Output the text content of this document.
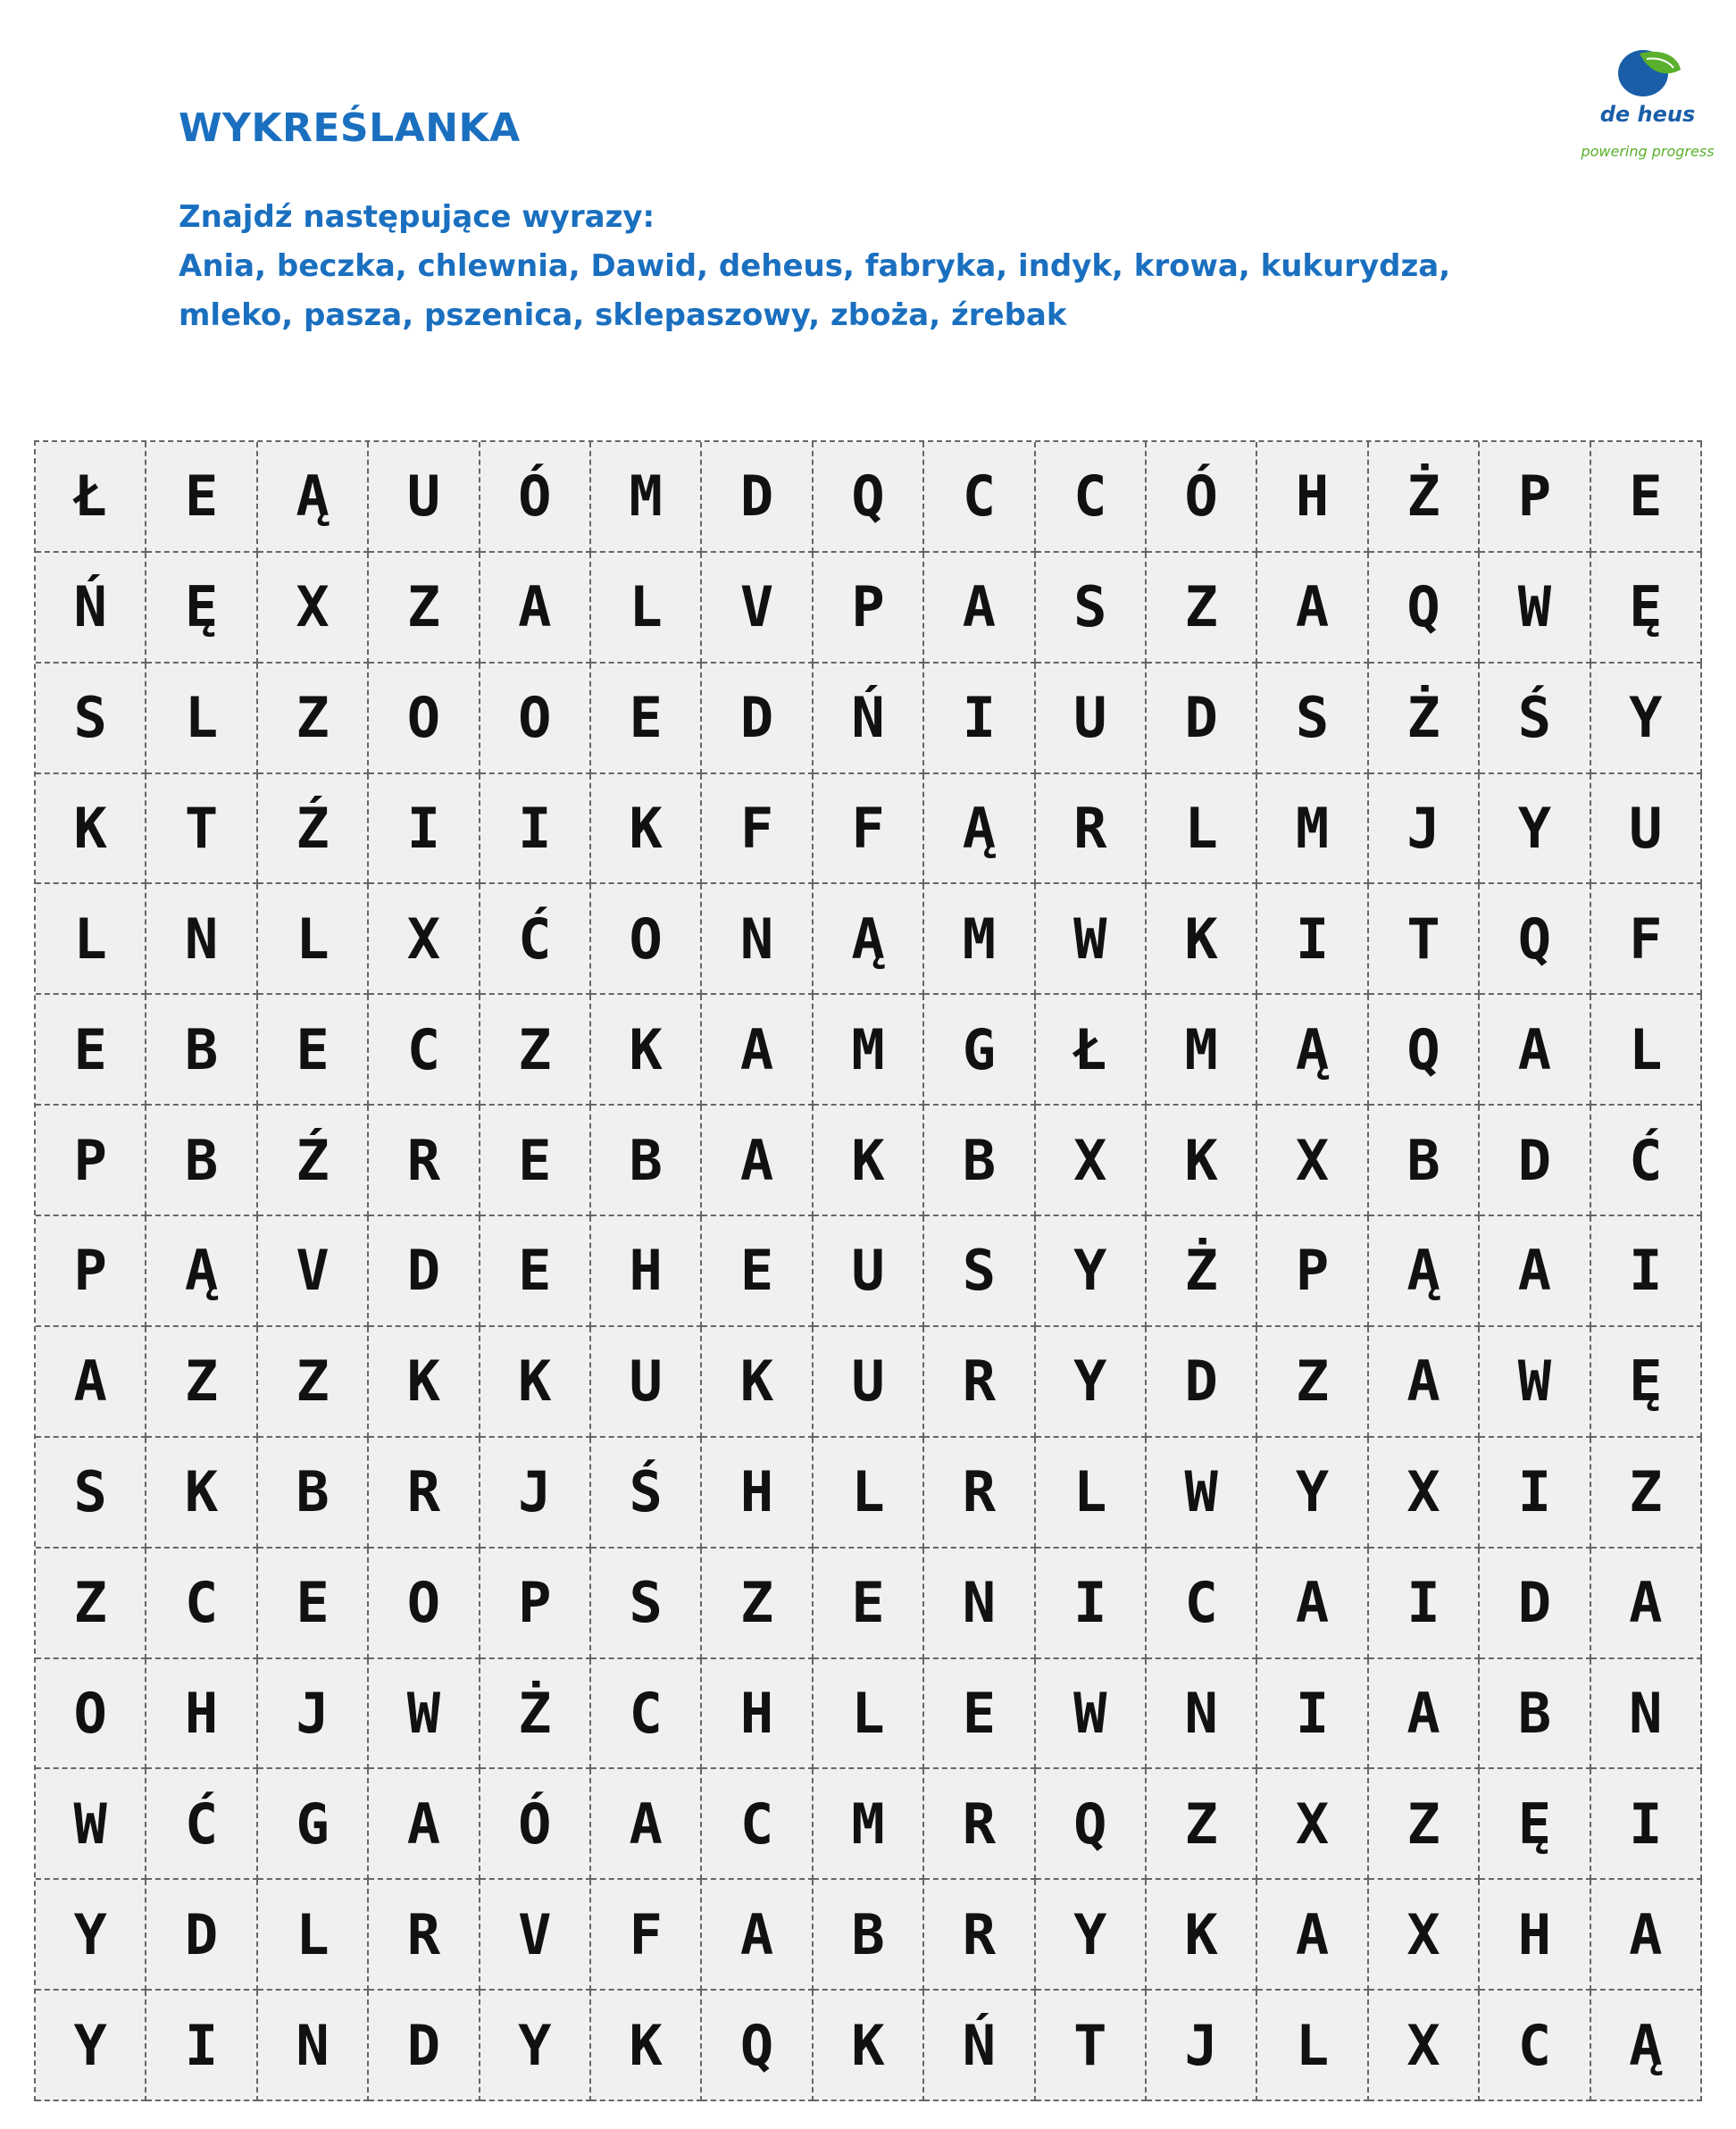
WYKREŚLANKA
Znajdź następujące wyrazy:
Ania, beczka, chlewnia, Dawid, deheus, fabryka, indyk, krowa, kukurydza,
mleko, pasza, pszenica, sklepaszowy, zboża, źrebak
de heus
powering progress
Ł	E	Ą	U	Ó	M	D	Q	C	C	Ó	H	Ż	P	E
Ń	Ę	X	Z	A	L	V	P	A	S	Z	A	Q	W	Ę
S	L	Z	O	O	E	D	Ń	I	U	D	S	Ż	Ś	Y
K	T	Ź	I	I	K	F	F	Ą	R	L	M	J	Y	U
L	N	L	X	Ć	O	N	Ą	M	W	K	I	T	Q	F
E	B	E	C	Z	K	A	M	G	Ł	M	Ą	Q	A	L
P	B	Ź	R	E	B	A	K	B	X	K	X	B	D	Ć
P	Ą	V	D	E	H	E	U	S	Y	Ż	P	Ą	A	I
A	Z	Z	K	K	U	K	U	R	Y	D	Z	A	W	Ę
S	K	B	R	J	Ś	H	L	R	L	W	Y	X	I	Z
Z	C	E	O	P	S	Z	E	N	I	C	A	I	D	A
O	H	J	W	Ż	C	H	L	E	W	N	I	A	B	N
W	Ć	G	A	Ó	A	C	M	R	Q	Z	X	Z	Ę	I
Y	D	L	R	V	F	A	B	R	Y	K	A	X	H	A
Y	I	N	D	Y	K	Q	K	Ń	T	J	L	X	C	Ą
